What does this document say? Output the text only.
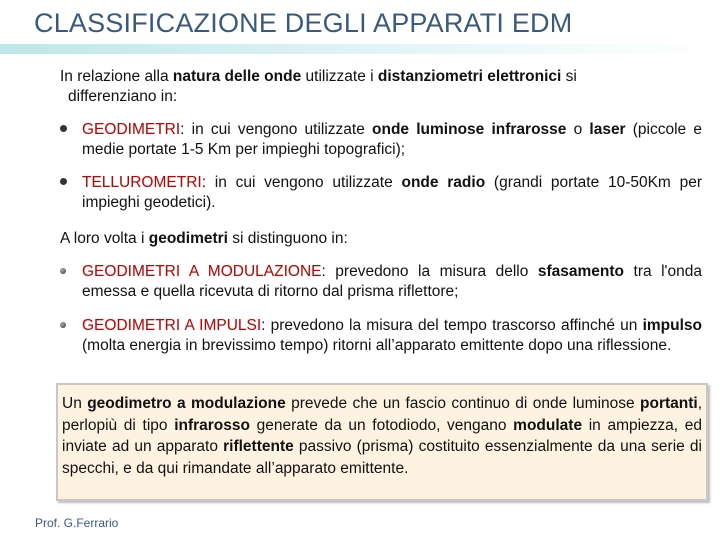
CLASSIFICAZIONE DEGLI APPARATI EDM
In relazione alla natura delle onde utilizzate i distanziometri elettronici si
differenziano in:
GEODIMETRI: in cui vengono utilizzate onde luminose infrarosse o laser (piccole e medie portate 1-5 Km per impieghi topografici);
TELLUROMETRI: in cui vengono utilizzate onde radio (grandi portate 10-50Km per impieghi geodetici).
A loro volta i geodimetri si distinguono in:
GEODIMETRI A MODULAZIONE: prevedono la misura dello sfasamento tra l'onda emessa e quella ricevuta di ritorno dal prisma riflettore;
GEODIMETRI A IMPULSI: prevedono la misura del tempo trascorso affinché un impulso (molta energia in brevissimo tempo) ritorni all’apparato emittente dopo una riflessione.
Un geodimetro a modulazione prevede che un fascio continuo di onde luminose portanti, perlopiù di tipo infrarosso generate da un fotodiodo, vengano modulate in ampiezza, ed inviate ad un apparato riflettente passivo (prisma) costituito essenzialmente da una serie di specchi, e da qui rimandate all’apparato emittente.
Prof. G.Ferrario
